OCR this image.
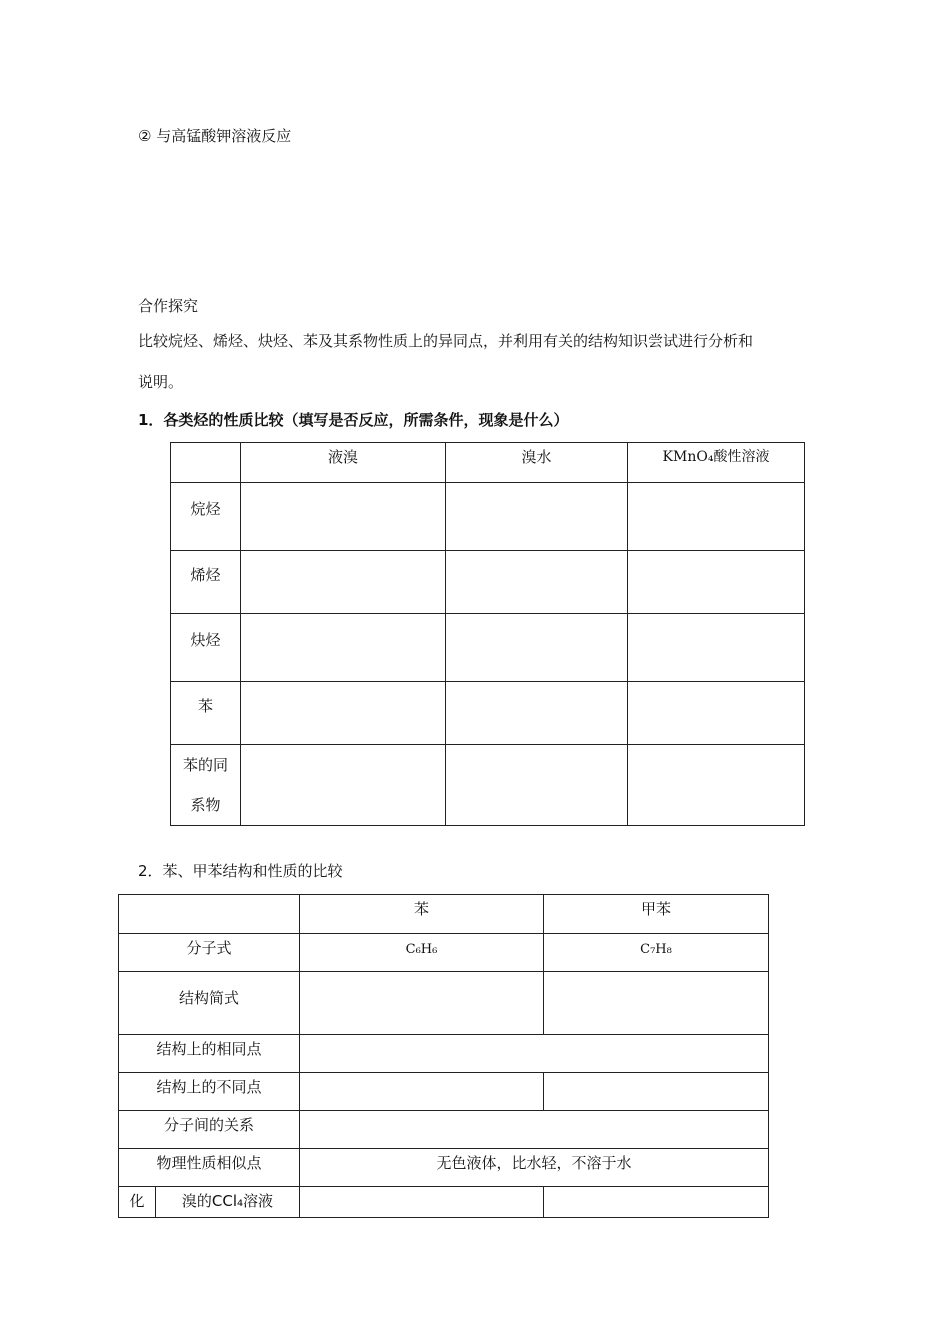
② 与高锰酸钾溶液反应
合作探究
比较烷烃、烯烃、炔烃、苯及其系物性质上的异同点，并利用有关的结构知识尝试进行分析和
说明。
1．各类烃的性质比较（填写是否反应，所需条件，现象是什么）
	液溴	溴水	KMnO₄酸性溶液
烷烃			
烯烃			
炔烃			
苯			

苯的同
系物			

2．苯、甲苯结构和性质的比较
		苯	甲苯
分子式		C₆H₆	C₇H₈
结构简式			
结构上的相同点			
结构上的不同点			
分子间的关系			
物理性质相似点		无色液体，比水轻，不溶于水	
化	溴的CCl₄溶液		
